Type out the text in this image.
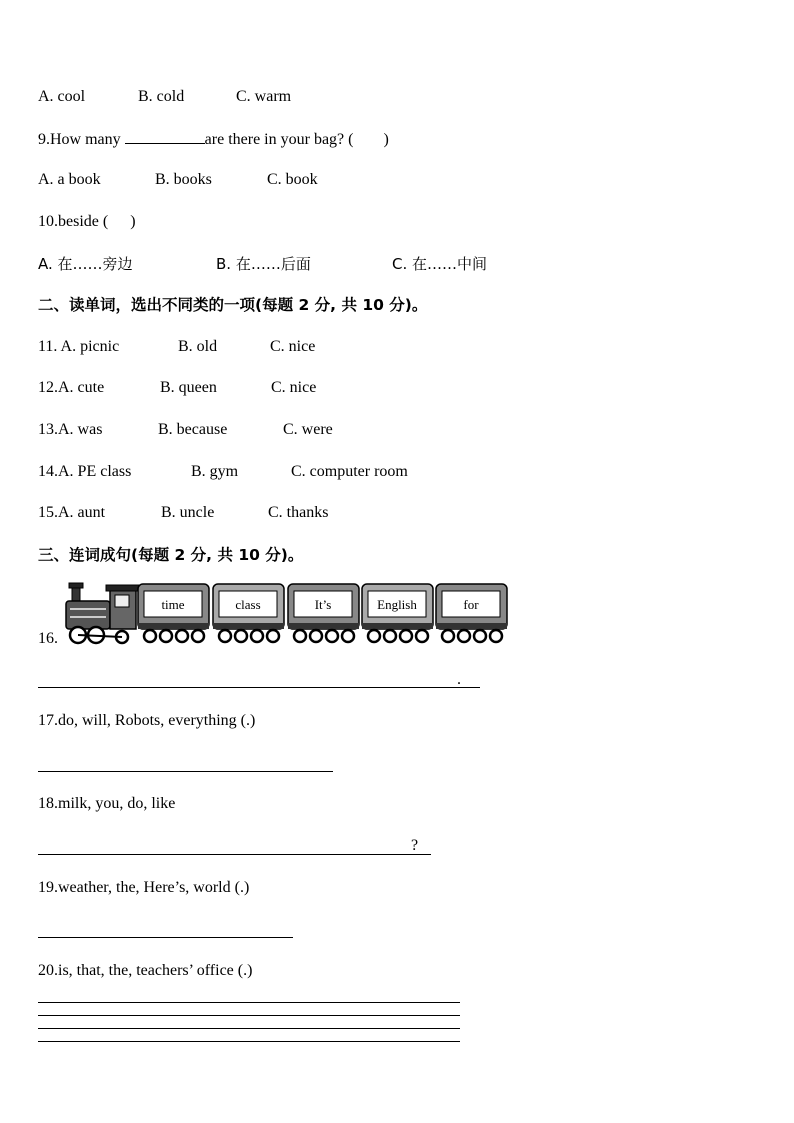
A. cool	B. cold	C. warm
9.How many	are there in your bag? ( )
A. a book	B. books	C. book
10.beside ( )
A. 在……旁边	B. 在……后面	C. 在……中间
二、读单词，选出不同类的一项(每题 2 分, 共 10 分)。
11. A. picnic	B. old	C. nice
12.A. cute	B. queen	C. nice
13.A. was	B. because	C. were
14.A. PE class	B. gym	C. computer room
15.A. aunt	B. uncle	C. thanks
三、连词成句(每题 2 分, 共 10 分)。
16.
time	class	It’s	English	for
.
17.do, will, Robots, everything (.)
18.milk, you, do, like
?
19.weather, the, Here’s, world (.)
20.is, that, the, teachers’ office (.)
